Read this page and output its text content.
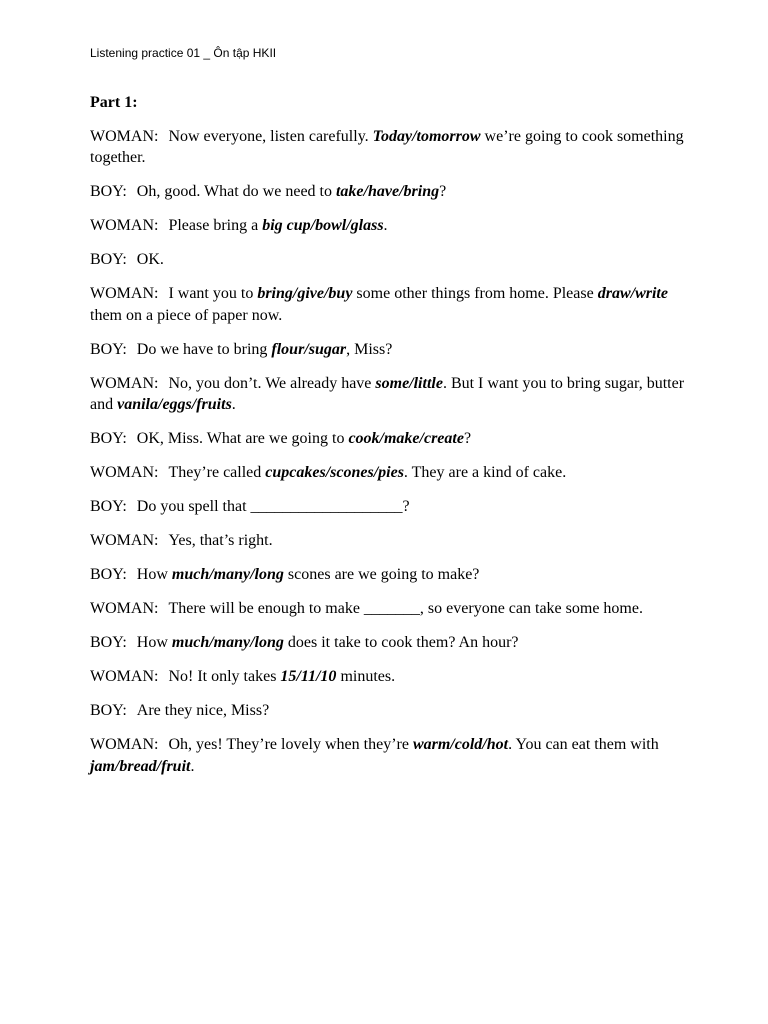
Listening practice 01 _ Ôn tập HKII

Part 1:

WOMAN: Now everyone, listen carefully. Today/tomorrow we’re going to cook something together.

BOY: Oh, good. What do we need to take/have/bring?

WOMAN: Please bring a big cup/bowl/glass.

BOY: OK.

WOMAN: I want you to bring/give/buy some other things from home. Please draw/write them on a piece of paper now.

BOY: Do we have to bring flour/sugar, Miss?

WOMAN: No, you don’t. We already have some/little. But I want you to bring sugar, butter and vanila/eggs/fruits.

BOY: OK, Miss. What are we going to cook/make/create?

WOMAN: They’re called cupcakes/scones/pies. They are a kind of cake.

BOY: Do you spell that ___________________?

WOMAN: Yes, that’s right.

BOY: How much/many/long scones are we going to make?

WOMAN: There will be enough to make _______, so everyone can take some home.

BOY: How much/many/long does it take to cook them? An hour?

WOMAN: No! It only takes 15/11/10 minutes.

BOY: Are they nice, Miss?

WOMAN: Oh, yes! They’re lovely when they’re warm/cold/hot. You can eat them with jam/bread/fruit.
